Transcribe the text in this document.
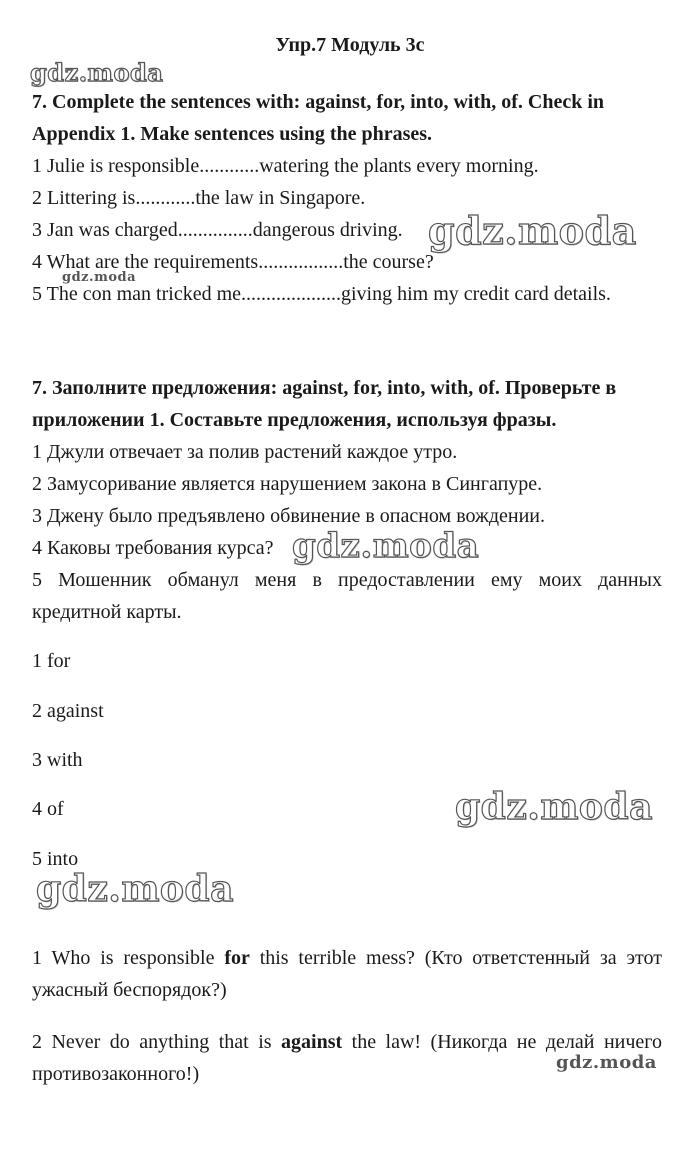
Упр.7 Модуль 3с
7. Complete the sentences with: against, for, into, with, of. Check in
Appendix 1. Make sentences using the phrases.
1 Julie is responsible............watering the plants every morning.
2 Littering is............the law in Singapore.
3 Jan was charged...............dangerous driving.
4 What are the requirements.................the course?
5 The con man tricked me....................giving him my credit card details.
7. Заполните предложения: against, for, into, with, of. Проверьте в
приложении 1. Составьте предложения, используя фразы.
1 Джули отвечает за полив растений каждое утро.
2 Замусоривание является нарушением закона в Сингапуре.
3 Джену было предъявлено обвинение в опасном вождении.
4 Каковы требования курса?
5 Мошенник обманул меня в предоставлении ему моих данных кредитной карты.
1 for
2 against
3 with
4 of
5 into
1 Who is responsible for this terrible mess? (Кто ответстенный за этот ужасный беспорядок?)
2 Never do anything that is against the law! (Никогда не делай ничего противозаконного!)
gdz.moda
gdz.moda
gdz.moda
gdz.moda
gdz.moda
gdz.moda
gdz.moda
